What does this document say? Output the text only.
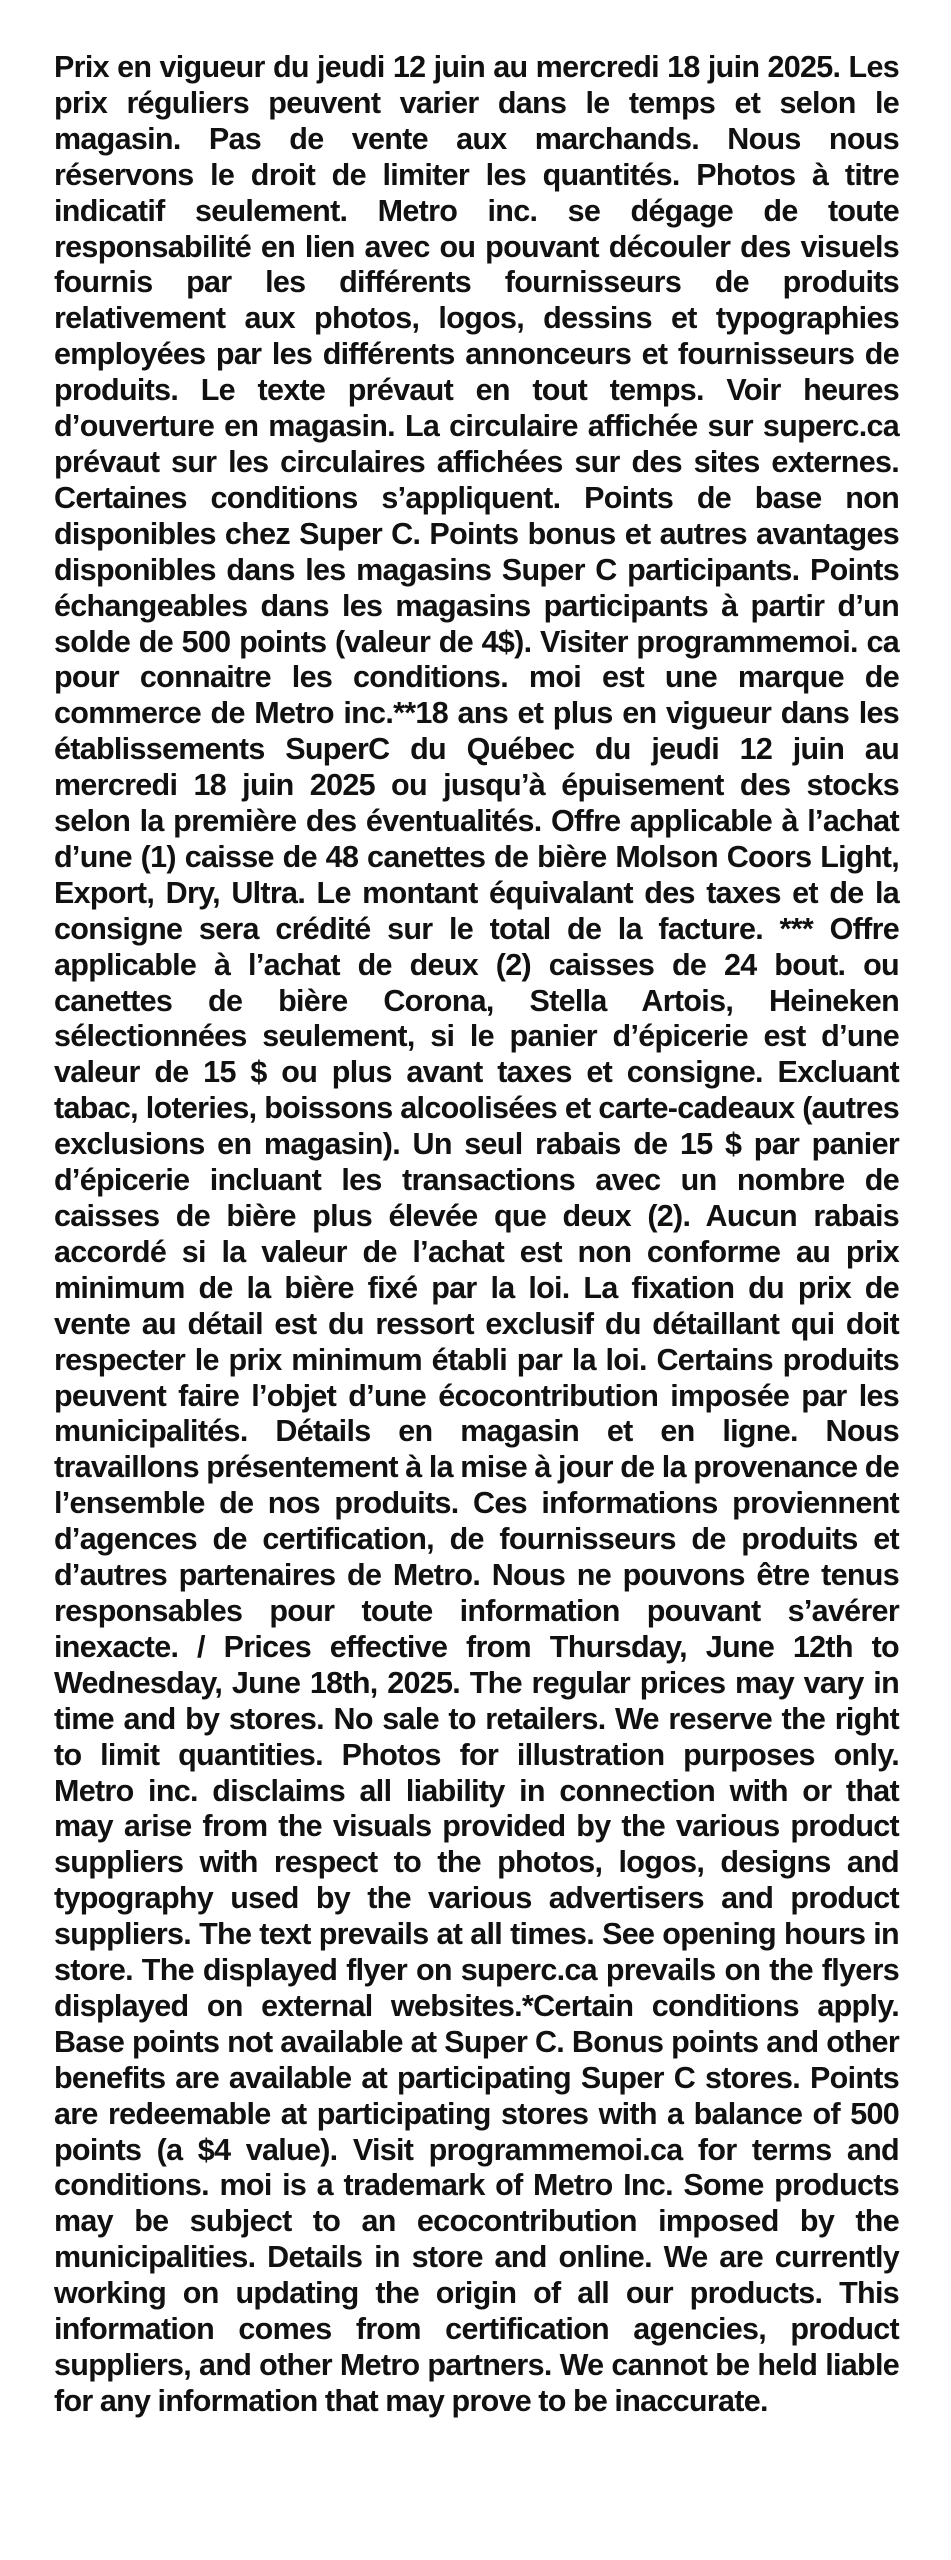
Prix en vigueur du jeudi 12 juin au mercredi 18 juin 2025. Les prix réguliers peuvent varier dans le temps et selon le magasin. Pas de vente aux marchands. Nous nous réservons le droit de limiter les quantités. Photos à titre indicatif seulement. Metro inc. se dégage de toute responsabilité en lien avec ou pouvant découler des visuels fournis par les différents fournisseurs de produits relativement aux photos, logos, dessins et typographies employées par les différents annonceurs et fournisseurs de produits. Le texte prévaut en tout temps. Voir heures d’ouverture en magasin. La circulaire affichée sur superc.ca prévaut sur les circulaires affichées sur des sites externes. Certaines conditions s’appliquent. Points de base non disponibles chez Super C. Points bonus et autres avantages disponibles dans les magasins Super C participants. Points échangeables dans les magasins participants à partir d’un solde de 500 points (valeur de 4$). Visiter programmemoi. ca pour connaitre les conditions. moi est une marque de commerce de Metro inc.**18 ans et plus en vigueur dans les établissements SuperC du Québec du jeudi 12 juin au mercredi 18 juin 2025 ou jusqu’à épuisement des stocks selon la première des éventualités. Offre applicable à l’achat d’une (1) caisse de 48 canettes de bière Molson Coors Light, Export, Dry, Ultra. Le montant équivalant des taxes et de la consigne sera crédité sur le total de la facture. *** Offre applicable à l’achat de deux (2) caisses de 24 bout. ou canettes de bière Corona, Stella Artois, Heineken sélectionnées seulement, si le panier d’épicerie est d’une valeur de 15 $ ou plus avant taxes et consigne. Excluant tabac, loteries, boissons alcoolisées et carte-cadeaux (autres exclusions en magasin). Un seul rabais de 15 $ par panier d’épicerie incluant les transactions avec un nombre de caisses de bière plus élevée que deux (2). Aucun rabais accordé si la valeur de l’achat est non conforme au prix minimum de la bière fixé par la loi. La fixation du prix de vente au détail est du ressort exclusif du détaillant qui doit respecter le prix minimum établi par la loi. Certains produits peuvent faire l’objet d’une écocontribution imposée par les municipalités. Détails en magasin et en ligne. Nous travaillons présentement à la mise à jour de la provenance de l’ensemble de nos produits. Ces informations proviennent d’agences de certification, de fournisseurs de produits et d’autres partenaires de Metro. Nous ne pouvons être tenus responsables pour toute information pouvant s’avérer inexacte. / Prices effective from Thursday, June 12th to Wednesday, June 18th, 2025. The regular prices may vary in time and by stores. No sale to retailers. We reserve the right to limit quantities. Photos for illustration purposes only. Metro inc. disclaims all liability in connection with or that may arise from the visuals provided by the various product suppliers with respect to the photos, logos, designs and typography used by the various advertisers and product suppliers. The text prevails at all times. See opening hours in store. The displayed flyer on superc.ca prevails on the flyers displayed on external websites.*Certain conditions apply. Base points not available at Super C. Bonus points and other benefits are available at participating Super C stores. Points are redeemable at participating stores with a balance of 500 points (a $4 value). Visit programmemoi.ca for terms and conditions. moi is a trademark of Metro Inc. Some products may be subject to an ecocontribution imposed by the municipalities. Details in store and online. We are currently working on updating the origin of all our products. This information comes from certification agencies, product suppliers, and other Metro partners. We cannot be held liable for any information that may prove to be inaccurate.
